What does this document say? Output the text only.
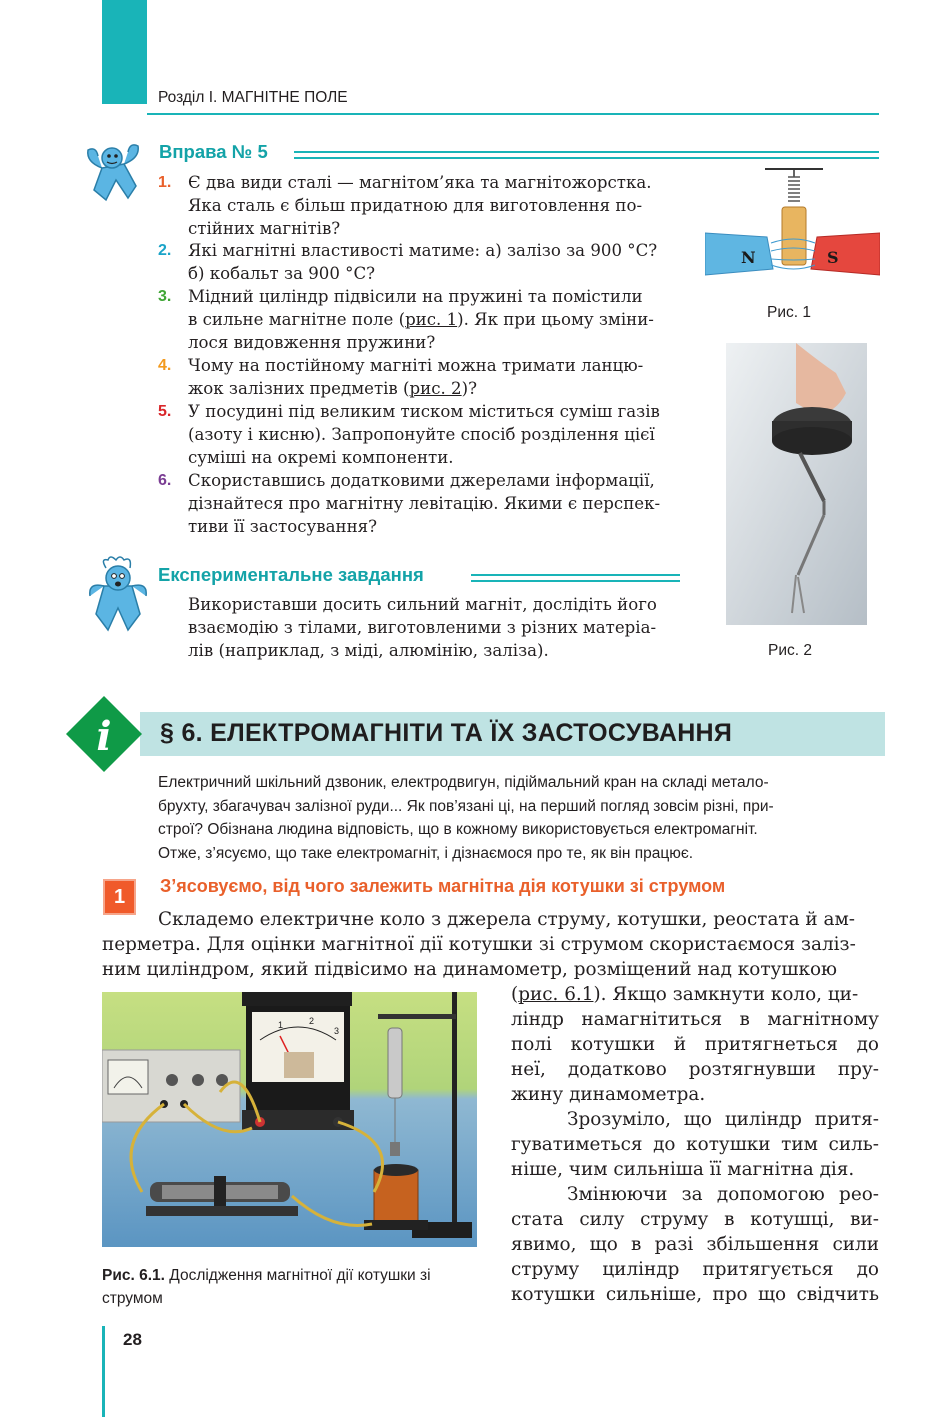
Розділ I. МАГНІТНЕ ПОЛЕ
Вправа № 5
1. Є два види сталі — магнітом’яка та магнітожорстка.
Яка сталь є більш придатною для виготовлення по-
стійних магнітів?
2. Які магнітні властивості матиме: а) залізо за 900 °С?
б) кобальт за 900 °С?
3. Мідний циліндр підвісили на пружині та помістили
в сильне магнітне поле (рис. 1). Як при цьому зміни-
лося видовження пружини?
4. Чому на постійному магніті можна тримати ланцю-
жок залізних предметів (рис. 2)?
5. У посудині під великим тиском міститься суміш газів
(азоту і кисню). Запропонуйте спосіб розділення цієї
суміші на окремі компоненти.
6. Скориставшись додатковими джерелами інформації,
дізнайтеся про магнітну левітацію. Якими є перспек-
тиви її застосування?
N	S
Рис. 1
Рис. 2
Експериментальне завдання
Використавши досить сильний магніт, дослідіть його
взаємодію з тілами, виготовленими з різних матеріа-
лів (наприклад, з міді, алюмінію, заліза).
i § 6. ЕЛЕКТРОМАГНІТИ ТА ЇХ ЗАСТОСУВАННЯ
Електричний шкільний дзвоник, електродвигун, підіймальний кран на складі метало-
брухту, збагачувач залізної руди... Як пов’язані ці, на перший погляд зовсім різні, при-
строї? Обізнана людина відповість, що в кожному використовується електромагніт.
Отже, з’ясуємо, що таке електромагніт, і дізнаємося про те, як він працює.
1	З’ясовуємо, від чого залежить магнітна дія котушки зі струмом
Складемо електричне коло з джерела струму, котушки, реостата й ам-
перметра. Для оцінки магнітної дії котушки зі струмом скористаємося заліз-
ним циліндром, який підвісимо на динамометр, розміщений над котушкою
(рис. 6.1). Якщо замкнути коло, ци-
ліндр намагнітиться в магнітному
полі котушки й притягнеться до
неї, додатково розтягнувши пру-
жину динамометра.
Зрозуміло, що циліндр притя-
гуватиметься до котушки тим силь-
ніше, чим сильніша її магнітна дія.
Змінюючи за допомогою рео-
стата силу струму в котушці, ви-
явимо, що в разі збільшення сили
струму циліндр притягується до
котушки сильніше, про що свідчить
1	2
3
Рис. 6.1. Дослідження магнітної дії котушки зі струмом
28
